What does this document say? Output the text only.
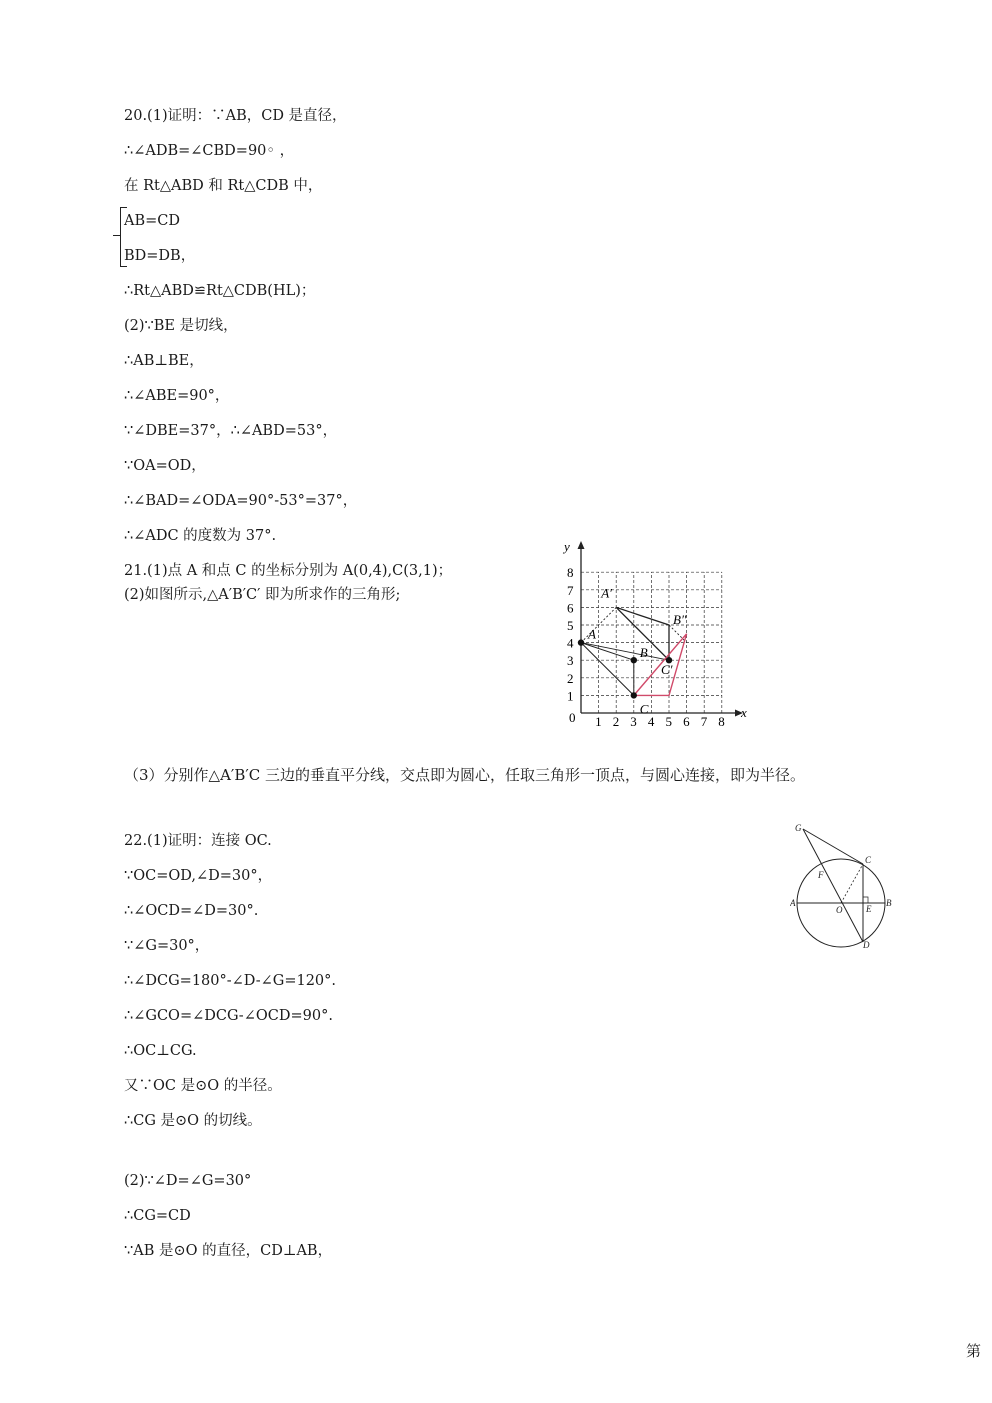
20.(1)证明：∵AB，CD 是直径，
∴∠ADB=∠CBD=90◦ ，
在 Rt△ABD 和 Rt△CDB 中，
AB=CD
BD=DB，
∴Rt△ABD≌Rt△CDB(HL)；
(2)∵BE 是切线，
∴AB⊥BE，
∴∠ABE=90°，
∵∠DBE=37°，∴∠ABD=53°，
∵OA=OD，
∴∠BAD=∠ODA=90°-53°=37°，
∴∠ADC 的度数为 37°.
21.(1)点 A 和点 C 的坐标分别为 A(0,4),C(3,1)；
(2)如图所示,△A′B′C′ 即为所求作的三角形;
1 2 3 4 5 6 7 8
1
2
3
4
5
6
7
8
x
y
0
A
B
C
A′
B″
C′
（3）分别作△A′B′C 三边的垂直平分线，交点即为圆心，任取三角形一顶点，与圆心连接，即为半径。
22.(1)证明：连接 OC.
∵OC=OD,∠D=30°，
∴∠OCD=∠D=30°.
∵∠G=30°，
∴∠DCG=180°-∠D-∠G=120°.
∴∠GCO=∠DCG-∠OCD=90°.
∴OC⊥CG.
又∵OC 是⊙O 的半径。
∴CG 是⊙O 的切线。
(2)∵∠D=∠G=30°
∴CG=CD
∵AB 是⊙O 的直径，CD⊥AB，
G
C
F
A
O	E
B
D
第
